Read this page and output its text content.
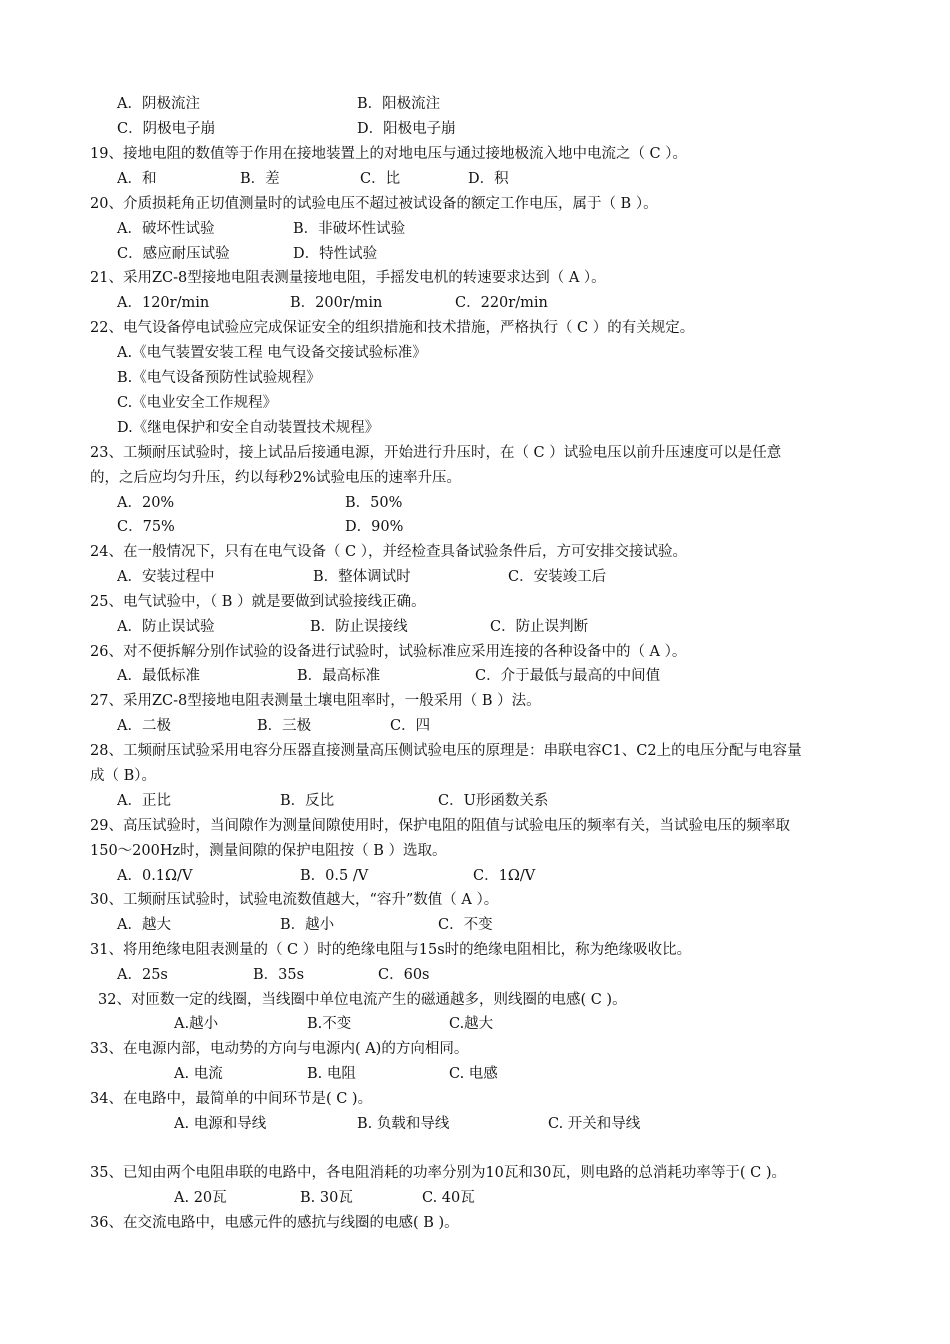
A．阴极流注	B．阳极流注
C．阴极电子崩	D．阳极电子崩
19、接地电阻的数值等于作用在接地装置上的对地电压与通过接地极流入地中电流之（ C ）。
A．和	B．差	C．比	D．积
20、介质损耗角正切值测量时的试验电压不超过被试设备的额定工作电压，属于（ B ）。
A．破坏性试验	B．非破坏性试验
C．感应耐压试验	D．特性试验
21、采用ZC-8型接地电阻表测量接地电阻，手摇发电机的转速要求达到（ A ）。
A．120r/min	B．200r/min	C．220r/min
22、电气设备停电试验应完成保证安全的组织措施和技术措施，严格执行（ C ）的有关规定。
A.《电气装置安装工程 电气设备交接试验标准》
B.《电气设备预防性试验规程》
C.《电业安全工作规程》
D.《继电保护和安全自动装置技术规程》
23、工频耐压试验时，接上试品后接通电源，开始进行升压时，在（ C ）试验电压以前升压速度可以是任意
的，之后应均匀升压，约以每秒2%试验电压的速率升压。
A．20%	B．50%
C．75%	D．90%
24、在一般情况下，只有在电气设备（ C ），并经检查具备试验条件后，方可安排交接试验。
A．安装过程中	B．整体调试时	C．安装竣工后
25、电气试验中，（ B ）就是要做到试验接线正确。
A．防止误试验	B．防止误接线	C．防止误判断
26、对不便拆解分别作试验的设备进行试验时，试验标准应采用连接的各种设备中的（ A ）。
A．最低标准	B．最高标准	C．介于最低与最高的中间值
27、采用ZC-8型接地电阻表测量土壤电阻率时，一般采用（ B ）法。
A．二极	B．三极	C．四
28、工频耐压试验采用电容分压器直接测量高压侧试验电压的原理是：串联电容C1、C2上的电压分配与电容量
成（ B）。
A．正比	B．反比	C．U形函数关系
29、高压试验时，当间隙作为测量间隙使用时，保护电阻的阻值与试验电压的频率有关，当试验电压的频率取
150～200Hz时，测量间隙的保护电阻按（ B ）选取。
A．0.1Ω/V	B．0.5 /V	C．1Ω/V
30、工频耐压试验时，试验电流数值越大，“容升”数值（ A ）。
A．越大	B．越小	C．不变
31、将用绝缘电阻表测量的（ C ）时的绝缘电阻与15s时的绝缘电阻相比，称为绝缘吸收比。
A．25s	B．35s	C．60s
32、对匝数一定的线圈，当线圈中单位电流产生的磁通越多，则线圈的电感( C )。
A.越小	B.不变	C.越大
33、在电源内部，电动势的方向与电源内( A)的方向相同。
A. 电流	B. 电阻	C. 电感
34、在电路中，最简单的中间环节是( C )。
A. 电源和导线	B. 负载和导线	C. 开关和导线
35、已知由两个电阻串联的电路中，各电阻消耗的功率分别为10瓦和30瓦，则电路的总消耗功率等于( C )。
A. 20瓦	B. 30瓦	C. 40瓦
36、在交流电路中，电感元件的感抗与线圈的电感( B )。
